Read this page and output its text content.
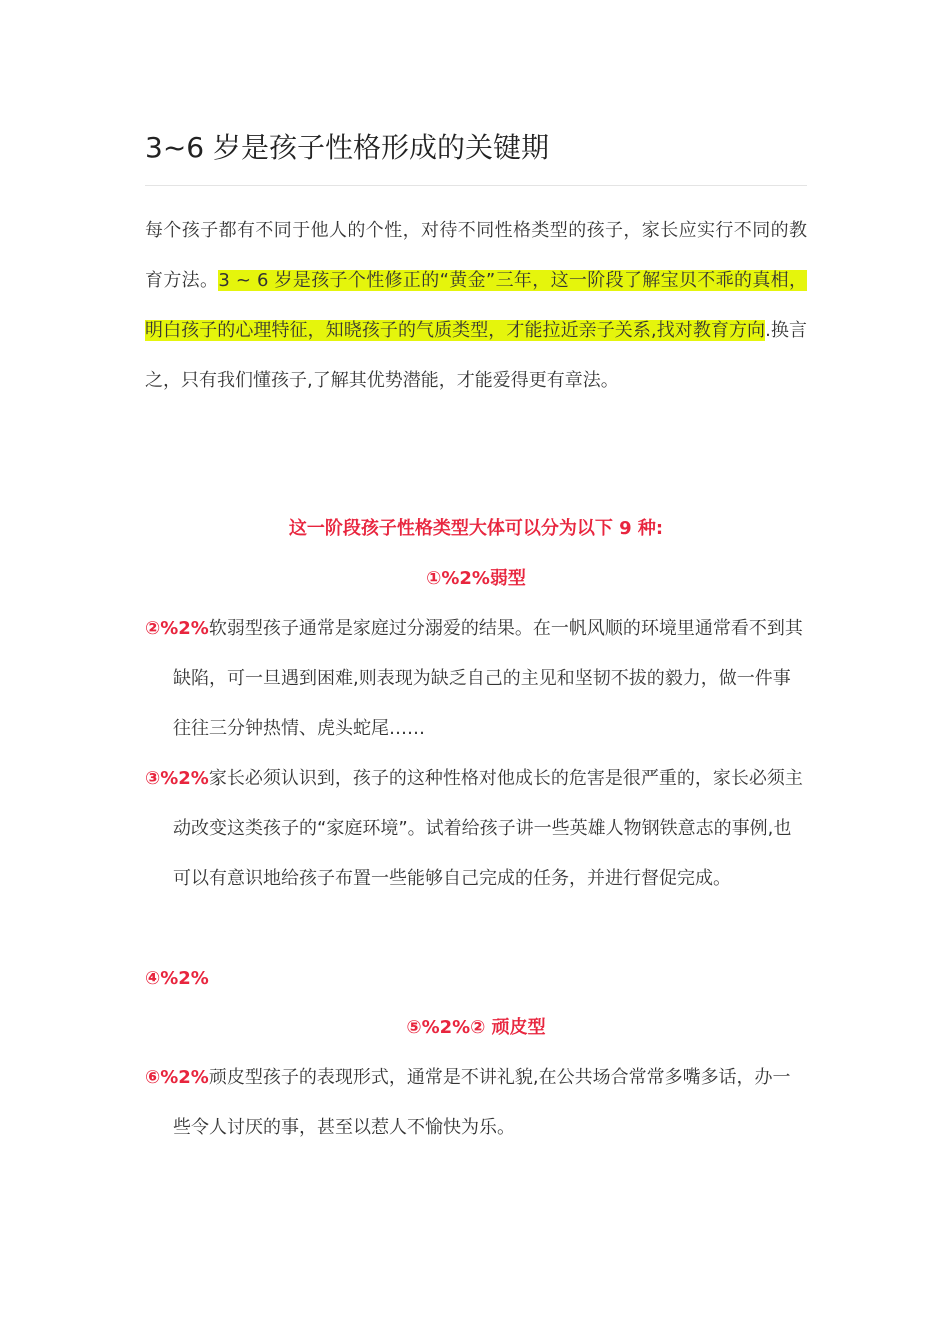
3~6 岁是孩子性格形成的关键期

每个孩子都有不同于他人的个性，对待不同性格类型的孩子，家长应实行不同的教育方法。3 ~ 6 岁是孩子个性修正的“黄金”三年，这一阶段了解宝贝不乖的真相，明白孩子的心理特征，知晓孩子的气质类型，才能拉近亲子关系,找对教育方向.换言之，只有我们懂孩子,了解其优势潜能，才能爱得更有章法。

这一阶段孩子性格类型大体可以分为以下 9 种:

①%2%弱型

②%2%软弱型孩子通常是家庭过分溺爱的结果。在一帆风顺的环境里通常看不到其缺陷，可一旦遇到困难,则表现为缺乏自己的主见和坚韧不拔的毅力，做一件事往往三分钟热情、虎头蛇尾……

③%2%家长必须认识到，孩子的这种性格对他成长的危害是很严重的，家长必须主动改变这类孩子的“家庭环境”。试着给孩子讲一些英雄人物钢铁意志的事例,也可以有意识地给孩子布置一些能够自己完成的任务，并进行督促完成。

④%2%

⑤%2%② 顽皮型

⑥%2%顽皮型孩子的表现形式，通常是不讲礼貌,在公共场合常常多嘴多话，办一些令人讨厌的事，甚至以惹人不愉快为乐。
